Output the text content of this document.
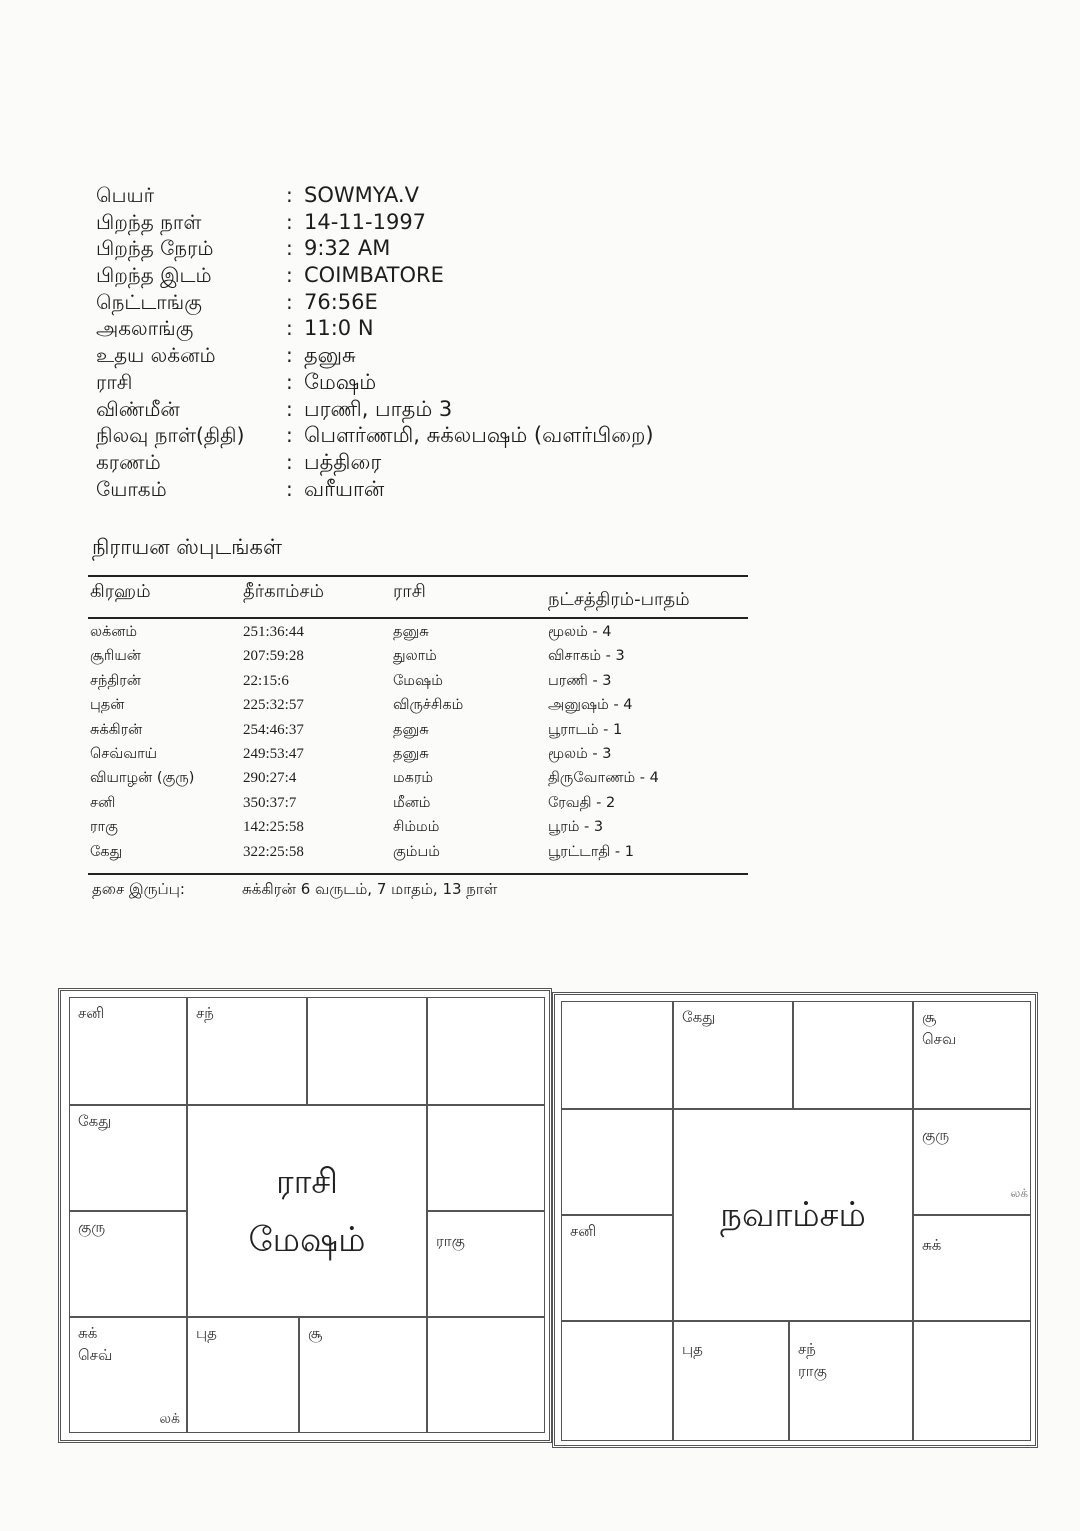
பெயர்	: SOWMYA.V
பிறந்த நாள்	: 14-11-1997
பிறந்த நேரம்	: 9:32 AM
பிறந்த இடம்	: COIMBATORE
நெட்டாங்கு	: 76:56E
அகலாங்கு	: 11:0 N
உதய லக்னம்	: தனுசு
ராசி	: மேஷம்
விண்மீன்	: பரணி, பாதம் 3
நிலவு நாள்(திதி) : பௌர்ணமி, சுக்லபஷம் (வளர்பிறை)
கரணம்	: பத்திரை
யோகம்	: வரீயான்
நிராயன ஸ்புடங்கள்
கிரஹம்	தீர்காம்சம்	ராசி	நட்சத்திரம்-பாதம்
லக்னம்	251:36:44	தனுசு	மூலம் - 4
சூரியன்	207:59:28	துலாம்	விசாகம் - 3
சந்திரன்	22:15:6	மேஷம்	பரணி - 3
புதன்	225:32:57	விருச்சிகம்	அனுஷம் - 4
சுக்கிரன்	254:46:37	தனுசு	பூராடம் - 1
செவ்வாய்	249:53:47	தனுசு	மூலம் - 3
வியாழன் (குரு)	290:27:4	மகரம்	திருவோணம் - 4
சனி	350:37:7	மீனம்	ரேவதி - 2
ராகு	142:25:58	சிம்மம்	பூரம் - 3
கேது	322:25:58	கும்பம்	பூரட்டாதி - 1
தசை இருப்பு:	சுக்கிரன் 6 வருடம், 7 மாதம், 13 நாள்
சனி	சந்
கேது
குரு
ராகு
சுக்
செவ்
லக்
புத	சூ
ராசி
மேஷம்
கேது	சூ
செவ
குரு
லக்
சனி
சுக்
புத	சந்
ராகு
நவாம்சம்
